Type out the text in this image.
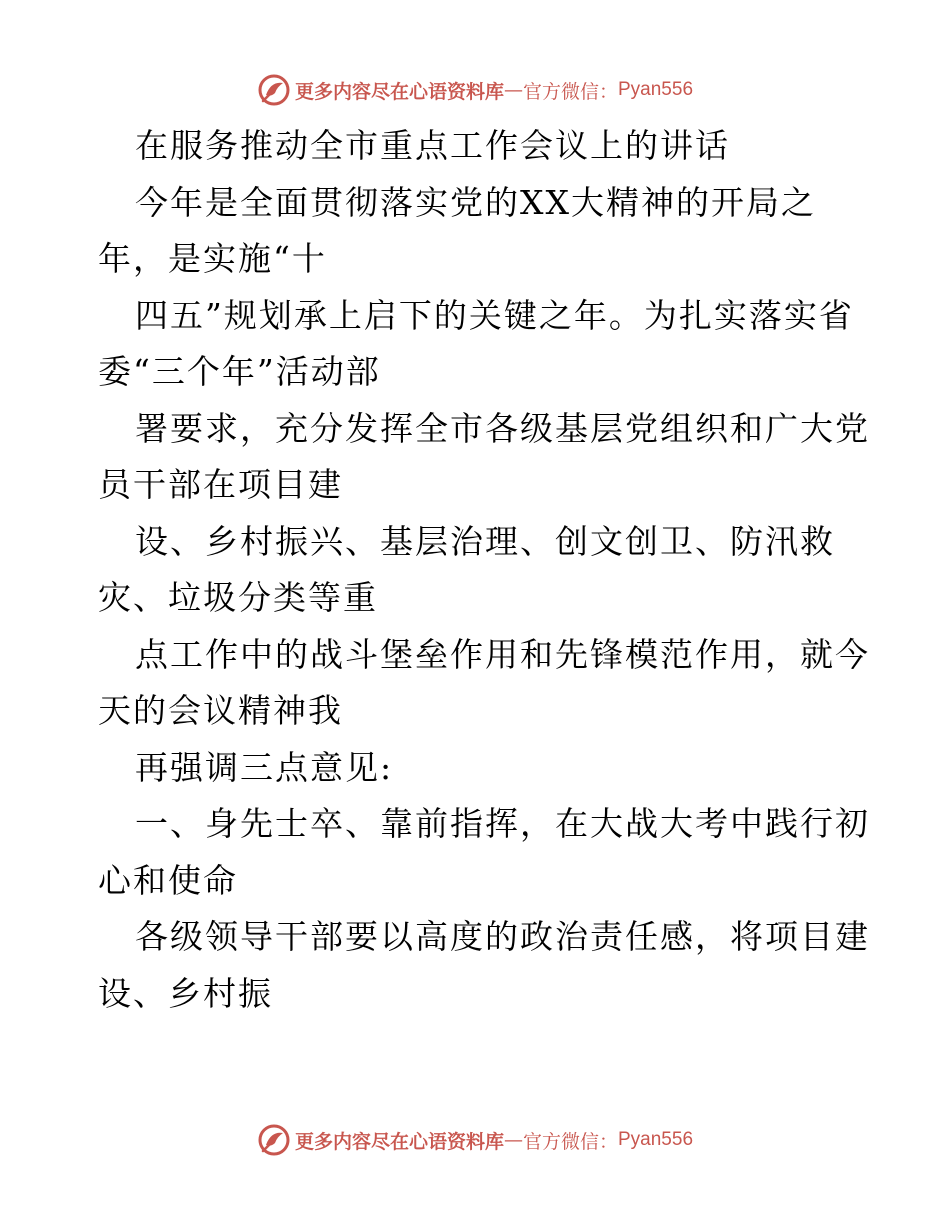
更多内容尽在心语资料库 — 官方微信： Pyan556
在服务推动全市重点工作会议上的讲话
今年是全面贯彻落实党的XX大精神的开局之
年，是实施“十
四五”规划承上启下的关键之年。为扎实落实省
委“三个年”活动部
署要求，充分发挥全市各级基层党组织和广大党
员干部在项目建
设、乡村振兴、基层治理、创文创卫、防汛救
灾、垃圾分类等重
点工作中的战斗堡垒作用和先锋模范作用，就今
天的会议精神我
再强调三点意见:
一、身先士卒、靠前指挥，在大战大考中践行初
心和使命
各级领导干部要以高度的政治责任感，将项目建
设、乡村振
更多内容尽在心语资料库 — 官方微信： Pyan556
